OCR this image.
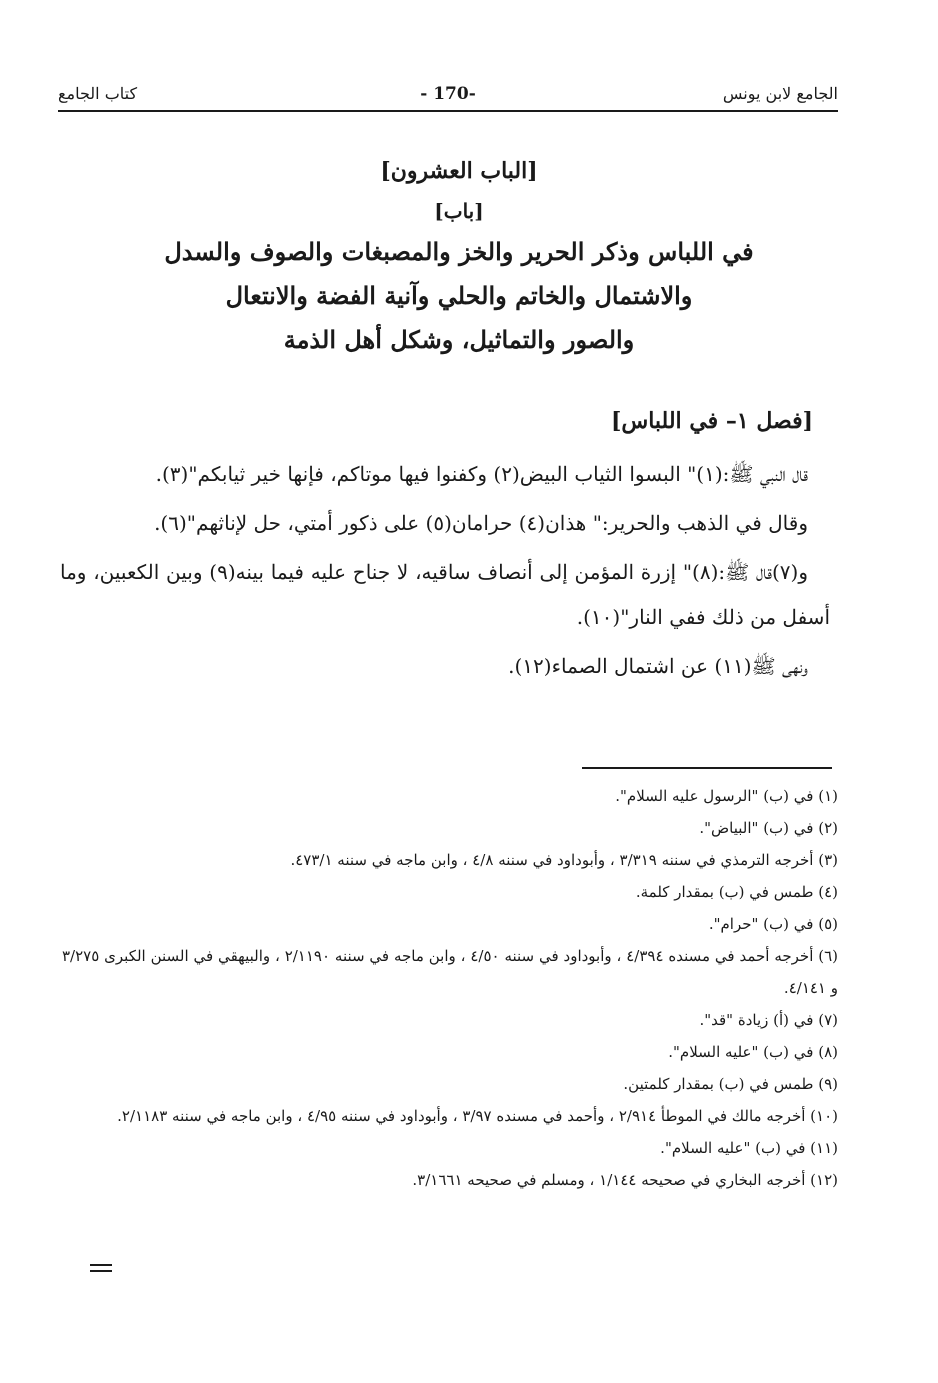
الجامع لابن يونس
-170 -
كتاب الجامع
[الباب العشرون]
[باب]
في اللباس وذكر الحرير والخز والمصبغات والصوف والسدل
والاشتمال والخاتم والحلي وآنية الفضة والانتعال
والصور والتماثيل، وشكل أهل الذمة
[فصل ١– في اللباس]

قال النبي ﷺ:(١)" البسوا الثياب البيض(٢) وكفنوا فيها موتاكم، فإنها خير ثيابكم"(٣).

وقال في الذهب والحرير:" هذان(٤) حرامان(٥) على ذكور أمتي، حل لإناثهم"(٦).

و(٧)قال ﷺ:(٨)" إزرة المؤمن إلى أنصاف ساقيه، لا جناح عليه فيما بينه(٩) وبين الكعبين، وما أسفل من ذلك ففي النار"(١٠).

ونهى ﷺ(١١) عن اشتمال الصماء(١٢).

(١) في (ب) "الرسول عليه السلام".
(٢) في (ب) "البياض".
(٣) أخرجه الترمذي في سننه ٣/٣١٩ ، وأبوداود في سننه ٤/٨ ، وابن ماجه في سننه ٤٧٣/١.
(٤) طمس في (ب) بمقدار كلمة.
(٥) في (ب) "حرام".
(٦) أخرجه أحمد في مسنده ٤/٣٩٤ ، وأبوداود في سننه ٤/٥٠ ، وابن ماجه في سننه ٢/١١٩٠ ، والبيهقي في السنن الكبرى ٣/٢٧٥ و ٤/١٤١.
(٧) في (أ) زيادة "قد".
(٨) في (ب) "عليه السلام".
(٩) طمس في (ب) بمقدار كلمتين.
(١٠) أخرجه مالك في الموطأ ٢/٩١٤ ، وأحمد في مسنده ٣/٩٧ ، وأبوداود في سننه ٤/٩٥ ، وابن ماجه في سننه ٢/١١٨٣.
(١١) في (ب) "عليه السلام".
(١٢) أخرجه البخاري في صحيحه ١/١٤٤ ، ومسلم في صحيحه ٣/١٦٦١.
